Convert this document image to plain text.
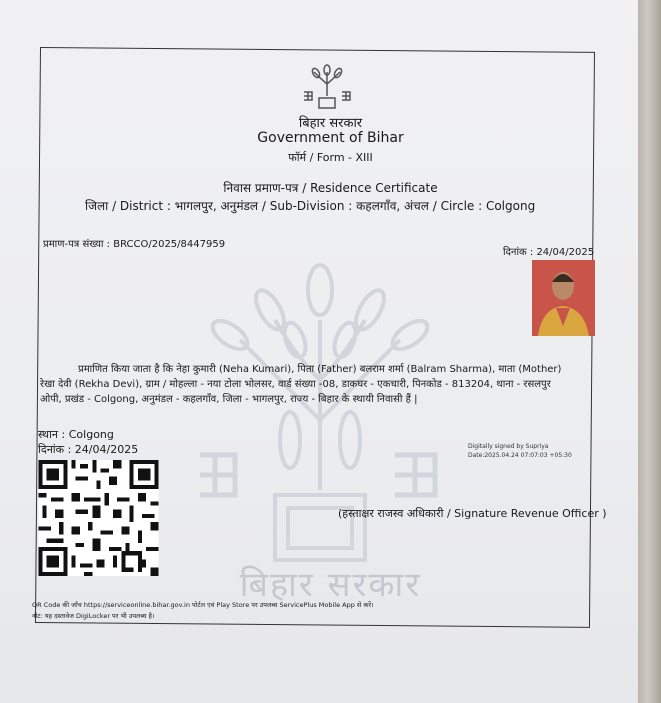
बिहार सरकार
बिहार सरकार
Government of Bihar
फॉर्म / Form - XIII
निवास प्रमाण-पत्र / Residence Certificate
जिला / District : भागलपुर, अनुमंडल / Sub-Division : कहलगाँव, अंचल / Circle : Colgong
प्रमाण-पत्र संख्या : BRCCO/2025/8447959
दिनांक : 24/04/2025
प्रमाणित किया जाता है कि नेहा कुमारी (Neha Kumari), पिता (Father) बलराम शर्मा (Balram Sharma), माता (Mother)
रेखा देवी (Rekha Devi), ग्राम / मोहल्ला - नया टोला भोलसर, वार्ड संख्या -08, डाकघर - एकचारी, पिनकोड - 813204, थाना - रसलपुर
ओपी, प्रखंड - Colgong, अनुमंडल - कहलगाँव, जिला - भागलपुर, राज्य - बिहार के स्थायी निवासी हैं |
स्थान : Colgong
दिनांक : 24/04/2025	Digitally signed by Supriya
Date:2025.04.24 07:07:03 +05:30
(हस्ताक्षर राजस्व अधिकारी / Signature Revenue Officer )
QR Code की जाँच https://serviceonline.bihar.gov.in पोर्टल एवं Play Store पर उपलब्ध ServicePlus Mobile App से करें।
नोट: यह दस्तावेज DigiLocker पर भी उपलब्ध है।
